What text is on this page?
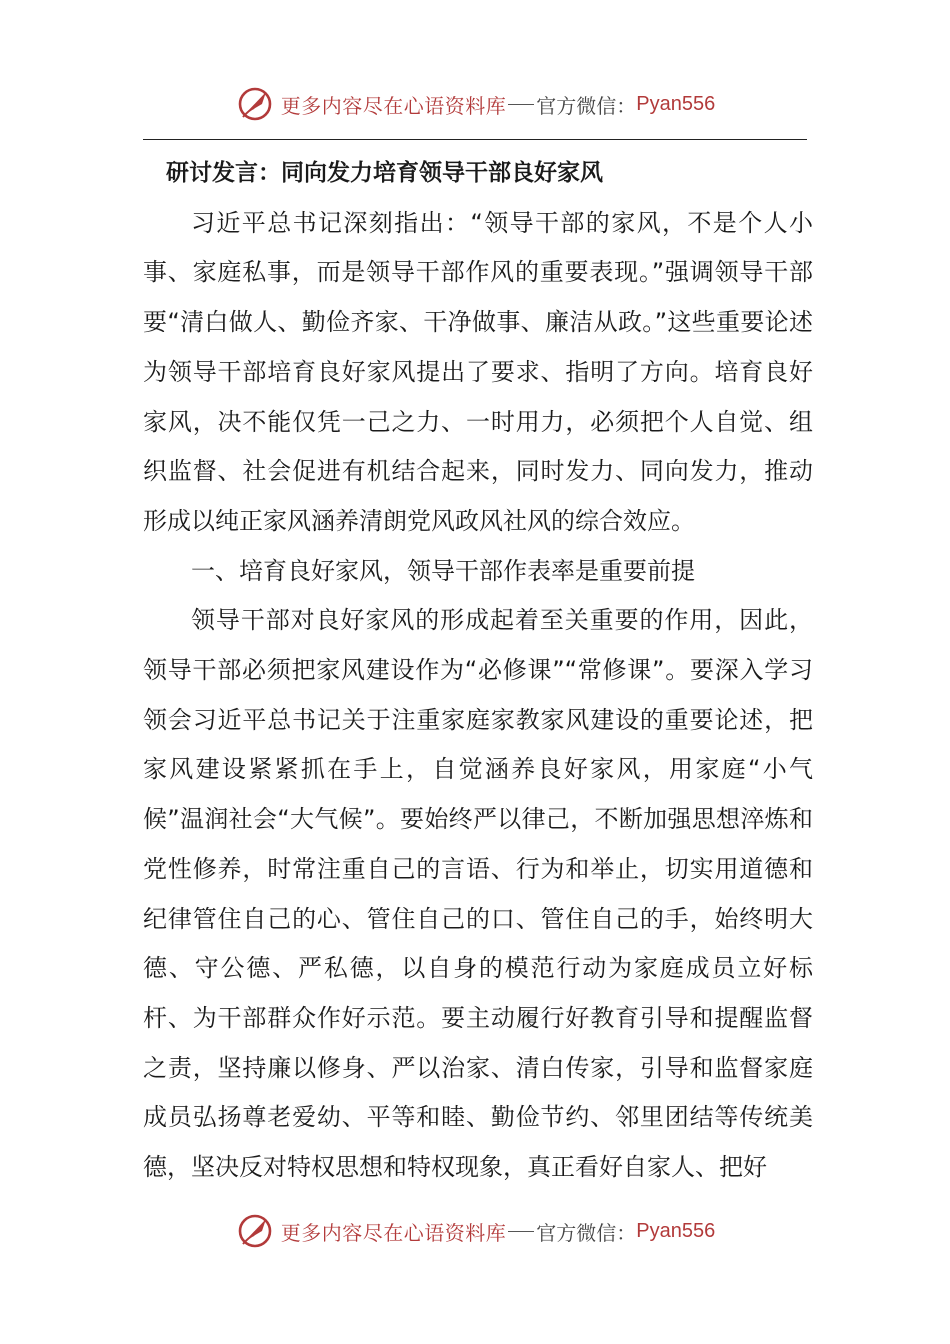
更多内容尽在心语资料库 官方微信： Pyan556

研讨发言：同向发力培育领导干部良好家风

习近平总书记深刻指出：“领导干部的家风，不是个人小事、家庭私事，而是领导干部作风的重要表现。”强调领导干部要“清白做人、勤俭齐家、干净做事、廉洁从政。”这些重要论述为领导干部培育良好家风提出了要求、指明了方向。培育良好家风，决不能仅凭一己之力、一时用力，必须把个人自觉、组织监督、社会促进有机结合起来，同时发力、同向发力，推动形成以纯正家风涵养清朗党风政风社风的综合效应。

一、培育良好家风，领导干部作表率是重要前提

领导干部对良好家风的形成起着至关重要的作用，因此，领导干部必须把家风建设作为“必修课”“常修课”。要深入学习领会习近平总书记关于注重家庭家教家风建设的重要论述，把家风建设紧紧抓在手上，自觉涵养良好家风，用家庭“小气候”温润社会“大气候”。要始终严以律己，不断加强思想淬炼和党性修养，时常注重自己的言语、行为和举止，切实用道德和纪律管住自己的心、管住自己的口、管住自己的手，始终明大德、守公德、严私德，以自身的模范行动为家庭成员立好标杆、为干部群众作好示范。要主动履行好教育引导和提醒监督之责，坚持廉以修身、严以治家、清白传家，引导和监督家庭成员弘扬尊老爱幼、平等和睦、勤俭节约、邻里团结等传统美德，坚决反对特权思想和特权现象，真正看好自家人、把好

更多内容尽在心语资料库 官方微信： Pyan556
